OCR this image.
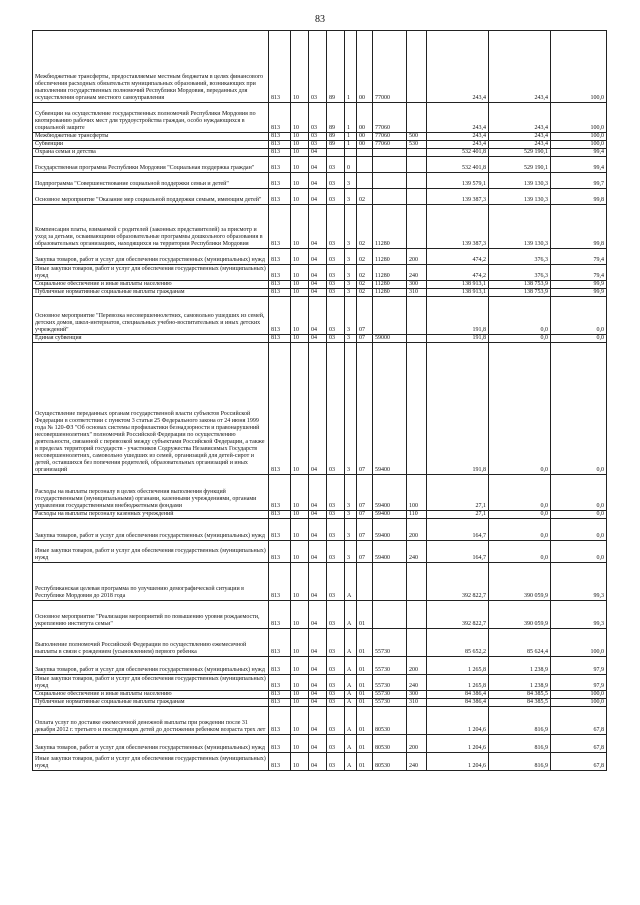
83
Межбюджетные трансферты, предоставляемые местным бюджетам в целях финансового обеспечения расходных обязательств муниципальных образований, возникающих при выполнении государственных полномочий Республики Мордовия, переданных для осуществления органам местного самоуправления	813	10	03	89	1	00	77000		243,4	243,4	100,0
Субвенции на осуществление государственных полномочий Республики Мордовия по квотированию рабочих мест для трудоустройства граждан, особо нуждающихся в социальной защите	813	10	03	89	1	00	77060		243,4	243,4	100,0
Межбюджетные трансферты	813	10	03	89	1	00	77060	500	243,4	243,4	100,0
Субвенции	813	10	03	89	1	00	77060	530	243,4	243,4	100,0
Охрана семьи и детства	813	10	04						532 401,8	529 190,1	99,4
Государственная программа Республики Мордовия "Социальная поддержка граждан"	813	10	04	03	0				532 401,8	529 190,1	99,4
Подпрограмма "Совершенствование социальной поддержки семьи и детей"	813	10	04	03	3				139 579,1	139 130,3	99,7
Основное мероприятие "Оказание мер социальной поддержки семьям, имеющим детей"	813	10	04	03	3	02			139 387,3	139 130,3	99,8
Компенсация платы, взимаемой с родителей (законных представителей) за присмотр и уход за детьми, осваивающими образовательные программы дошкольного образования в образовательных организациях, находящихся на территории Республики Мордовия	813	10	04	03	3	02	11280		139 387,3	139 130,3	99,8
Закупка товаров, работ и услуг для обеспечения государственных (муниципальных) нужд	813	10	04	03	3	02	11280	200	474,2	376,3	79,4
Иные закупки товаров, работ и услуг для обеспечения государственных (муниципальных) нужд	813	10	04	03	3	02	11280	240	474,2	376,3	79,4
Социальное обеспечение и иные выплаты населению	813	10	04	03	3	02	11280	300	138 913,1	138 753,9	99,9
Публичные нормативные социальные выплаты гражданам	813	10	04	03	3	02	11280	310	138 913,1	138 753,9	99,9
Основное мероприятие "Перевозка несовершеннолетних, самовольно ушедших из семей, детских домов, школ-интернатов, специальных учебно-воспитательных и иных детских учреждений"	813	10	04	03	3	07			191,8	0,0	0,0
Единая субвенция	813	10	04	03	3	07	59000		191,8	0,0	0,0
Осуществление переданных органам государственной власти субъектов Российской Федерации в соответствии с пунктом 3 статьи 25 Федерального закона от 24 июня 1999 года № 120-ФЗ "Об основах системы профилактики безнадзорности и правонарушений несовершеннолетних" полномочий Российской Федерации по осуществлению деятельности, связанной с перевозкой между субъектами Российской Федерации, а также в пределах территорий государств - участников Содружества Независимых Государств несовершеннолетних, самовольно ушедших из семей, организаций для детей-сирот и детей, оставшихся без попечения родителей, образовательных организаций и иных организаций	813	10	04	03	3	07	59400		191,8	0,0	0,0
Расходы на выплаты персоналу в целях обеспечения выполнения функций государственными (муниципальными) органами, казенными учреждениями, органами управления государственными внебюджетными фондами	813	10	04	03	3	07	59400	100	27,1	0,0	0,0
Расходы на выплаты персоналу казенных учреждений	813	10	04	03	3	07	59400	110	27,1	0,0	0,0
Закупка товаров, работ и услуг для обеспечения государственных (муниципальных) нужд	813	10	04	03	3	07	59400	200	164,7	0,0	0,0
Иные закупки товаров, работ и услуг для обеспечения государственных (муниципальных) нужд	813	10	04	03	3	07	59400	240	164,7	0,0	0,0
Республиканская целевая программа по улучшению демографической ситуации в Республике Мордовия до 2018 года	813	10	04	03	А				392 822,7	390 059,9	99,3
Основное мероприятие "Реализация мероприятий по повышению уровня рождаемости, укреплению института семьи"	813	10	04	03	А	01			392 822,7	390 059,9	99,3
Выполнение полномочий Российской Федерации по осуществлению ежемесячной выплаты в связи с рождением (усыновлением) первого ребенка	813	10	04	03	А	01	55730		85 652,2	85 624,4	100,0
Закупка товаров, работ и услуг для обеспечения государственных (муниципальных) нужд	813	10	04	03	А	01	55730	200	1 265,8	1 238,9	97,9
Иные закупки товаров, работ и услуг для обеспечения государственных (муниципальных) нужд	813	10	04	03	А	01	55730	240	1 265,8	1 238,9	97,9
Социальное обеспечение и иные выплаты населению	813	10	04	03	А	01	55730	300	84 386,4	84 385,5	100,0
Публичные нормативные социальные выплаты гражданам	813	10	04	03	А	01	55730	310	84 386,4	84 385,5	100,0
Оплата услуг по доставке ежемесячной денежной выплаты при рождении после 31 декабря 2012 г. третьего и последующих детей до достижения ребенком возраста трех лет	813	10	04	03	А	01	80530		1 204,6	816,9	67,8
Закупка товаров, работ и услуг для обеспечения государственных (муниципальных) нужд	813	10	04	03	А	01	80530	200	1 204,6	816,9	67,8
Иные закупки товаров, работ и услуг для обеспечения государственных (муниципальных) нужд	813	10	04	03	А	01	80530	240	1 204,6	816,9	67,8
